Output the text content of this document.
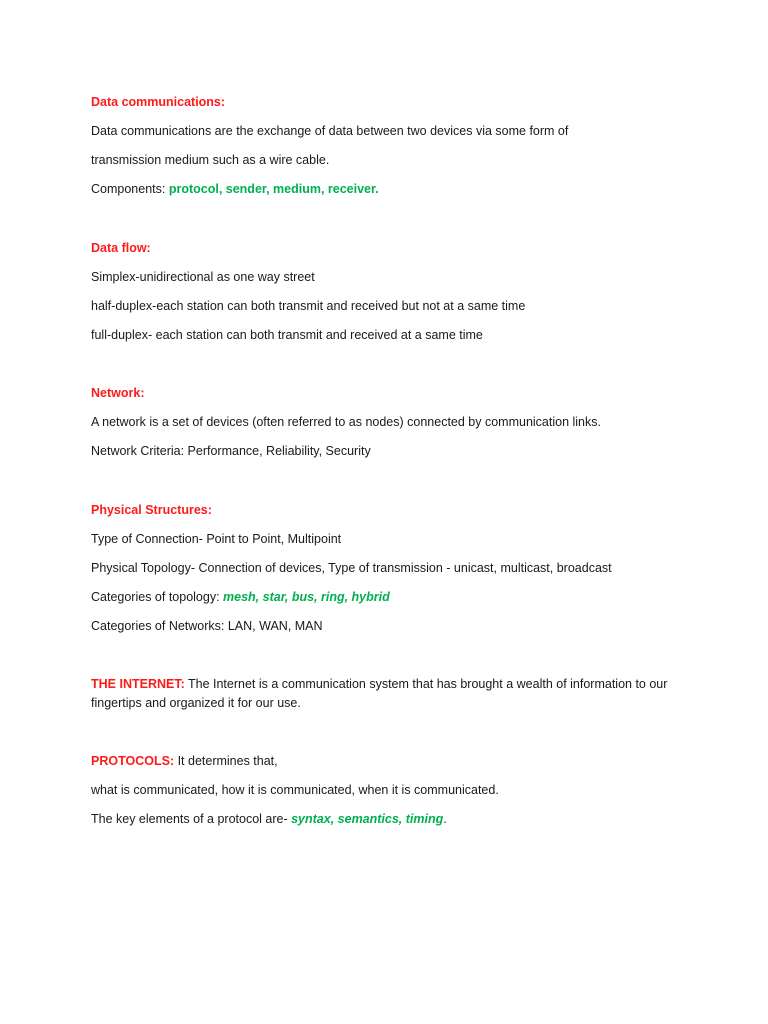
Data communications:
Data communications are the exchange of data between two devices via some form of
transmission medium such as a wire cable.
Components: protocol, sender, medium, receiver.
Data flow:
Simplex-unidirectional as one way street
half-duplex-each station can both transmit and received but not at a same time
full-duplex- each station can both transmit and received at a same time
Network:
A network is a set of devices (often referred to as nodes) connected by communication links.
Network Criteria: Performance, Reliability, Security
Physical Structures:
Type of Connection- Point to Point, Multipoint
Physical Topology- Connection of devices, Type of transmission - unicast, multicast, broadcast
Categories of topology: mesh, star, bus, ring, hybrid
Categories of Networks: LAN, WAN, MAN
THE INTERNET: The Internet is a communication system that has brought a wealth of information to our fingertips and organized it for our use.
PROTOCOLS: It determines that,
what is communicated, how it is communicated, when it is communicated.
The key elements of a protocol are- syntax, semantics, timing.
